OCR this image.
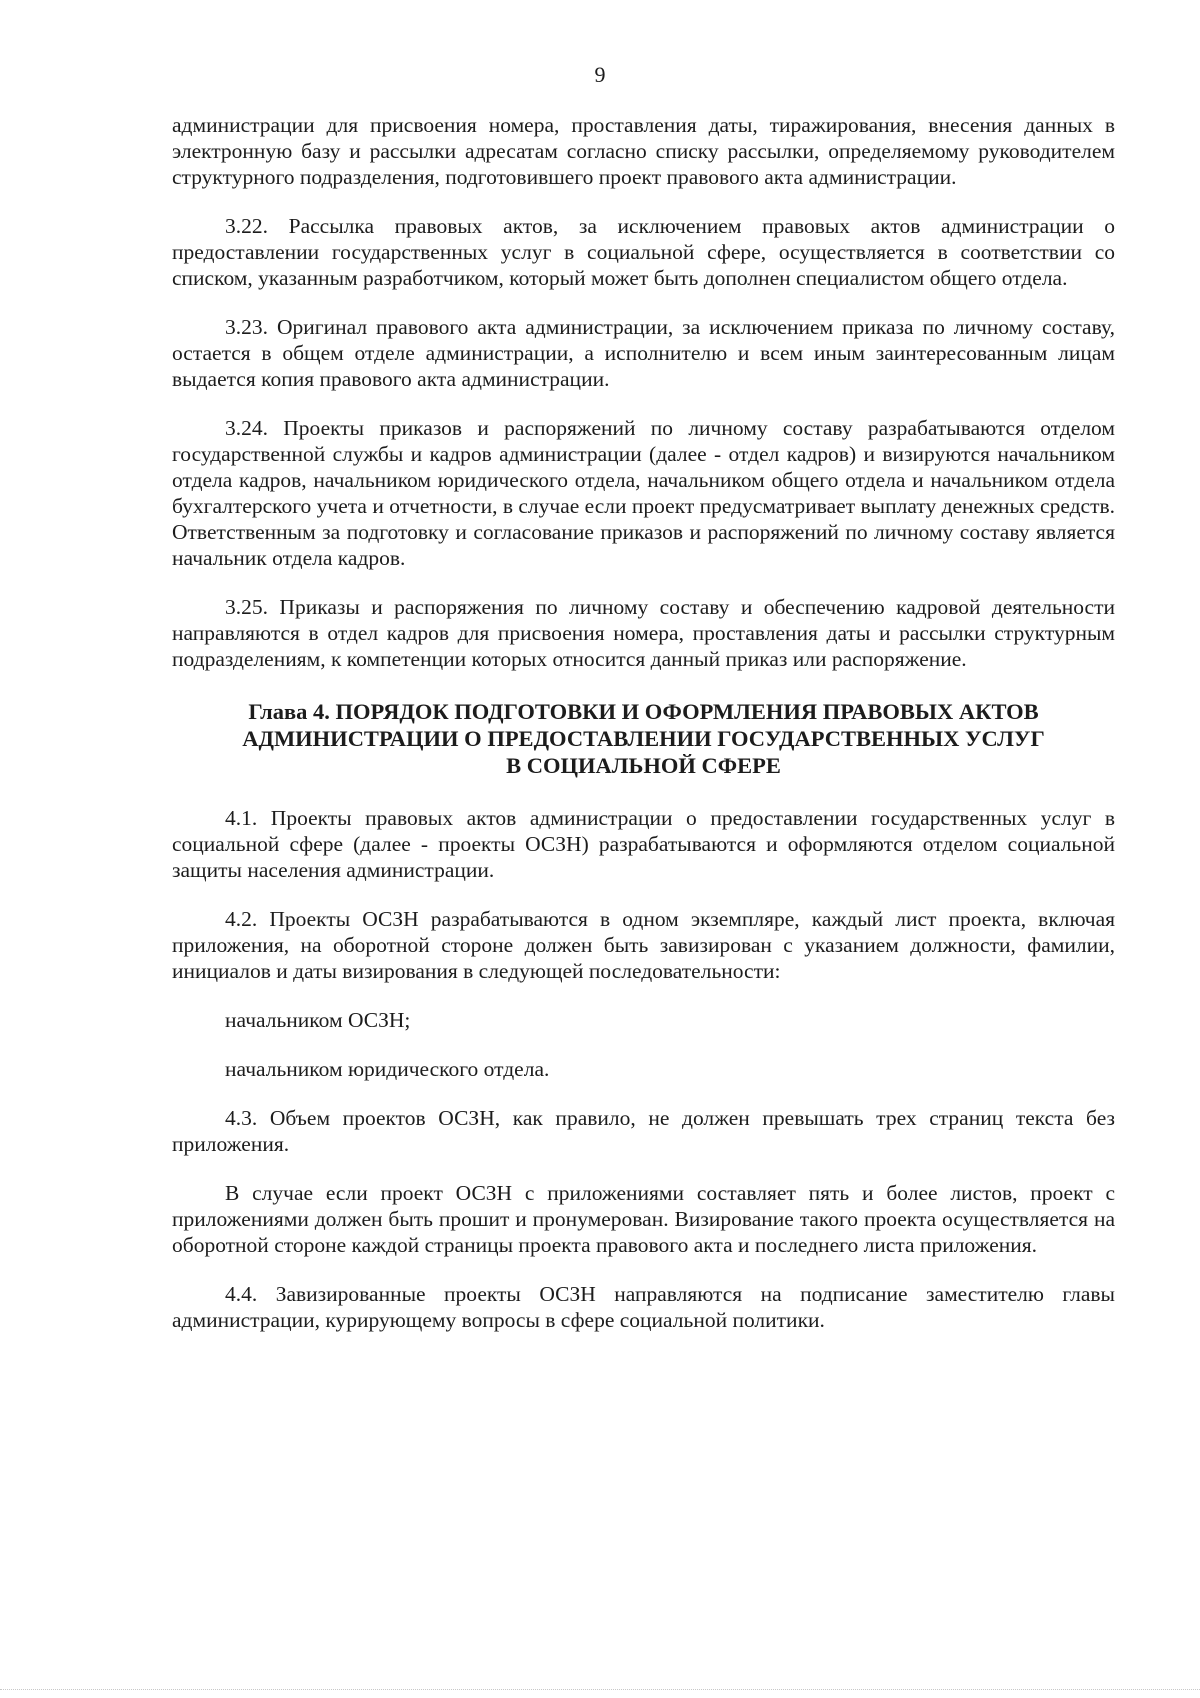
9

администрации для присвоения номера, проставления даты, тиражирования, внесения данных в электронную базу и рассылки адресатам согласно списку рассылки, определяемому руководителем структурного подразделения, подготовившего проект правового акта администрации.

3.22. Рассылка правовых актов, за исключением правовых актов администрации о предоставлении государственных услуг в социальной сфере, осуществляется в соответствии со списком, указанным разработчиком, который может быть дополнен специалистом общего отдела.

3.23. Оригинал правового акта администрации, за исключением приказа по личному составу, остается в общем отделе администрации, а исполнителю и всем иным заинтересованным лицам выдается копия правового акта администрации.

3.24. Проекты приказов и распоряжений по личному составу разрабатываются отделом государственной службы и кадров администрации (далее - отдел кадров) и визируются начальником отдела кадров, начальником юридического отдела, начальником общего отдела и начальником отдела бухгалтерского учета и отчетности, в случае если проект предусматривает выплату денежных средств. Ответственным за подготовку и согласование приказов и распоряжений по личному составу является начальник отдела кадров.

3.25. Приказы и распоряжения по личному составу и обеспечению кадровой деятельности направляются в отдел кадров для присвоения номера, проставления даты и рассылки структурным подразделениям, к компетенции которых относится данный приказ или распоряжение.

Глава 4. ПОРЯДОК ПОДГОТОВКИ И ОФОРМЛЕНИЯ ПРАВОВЫХ АКТОВ
АДМИНИСТРАЦИИ О ПРЕДОСТАВЛЕНИИ ГОСУДАРСТВЕННЫХ УСЛУГ
В СОЦИАЛЬНОЙ СФЕРЕ

4.1. Проекты правовых актов администрации о предоставлении государственных услуг в социальной сфере (далее - проекты ОСЗН) разрабатываются и оформляются отделом социальной защиты населения администрации.

4.2. Проекты ОСЗН разрабатываются в одном экземпляре, каждый лист проекта, включая приложения, на оборотной стороне должен быть завизирован с указанием должности, фамилии, инициалов и даты визирования в следующей последовательности:

начальником ОСЗН;

начальником юридического отдела.

4.3. Объем проектов ОСЗН, как правило, не должен превышать трех страниц текста без приложения.

В случае если проект ОСЗН с приложениями составляет пять и более листов, проект с приложениями должен быть прошит и пронумерован. Визирование такого проекта осуществляется на оборотной стороне каждой страницы проекта правового акта и последнего листа приложения.

4.4. Завизированные проекты ОСЗН направляются на подписание заместителю главы администрации, курирующему вопросы в сфере социальной политики.
